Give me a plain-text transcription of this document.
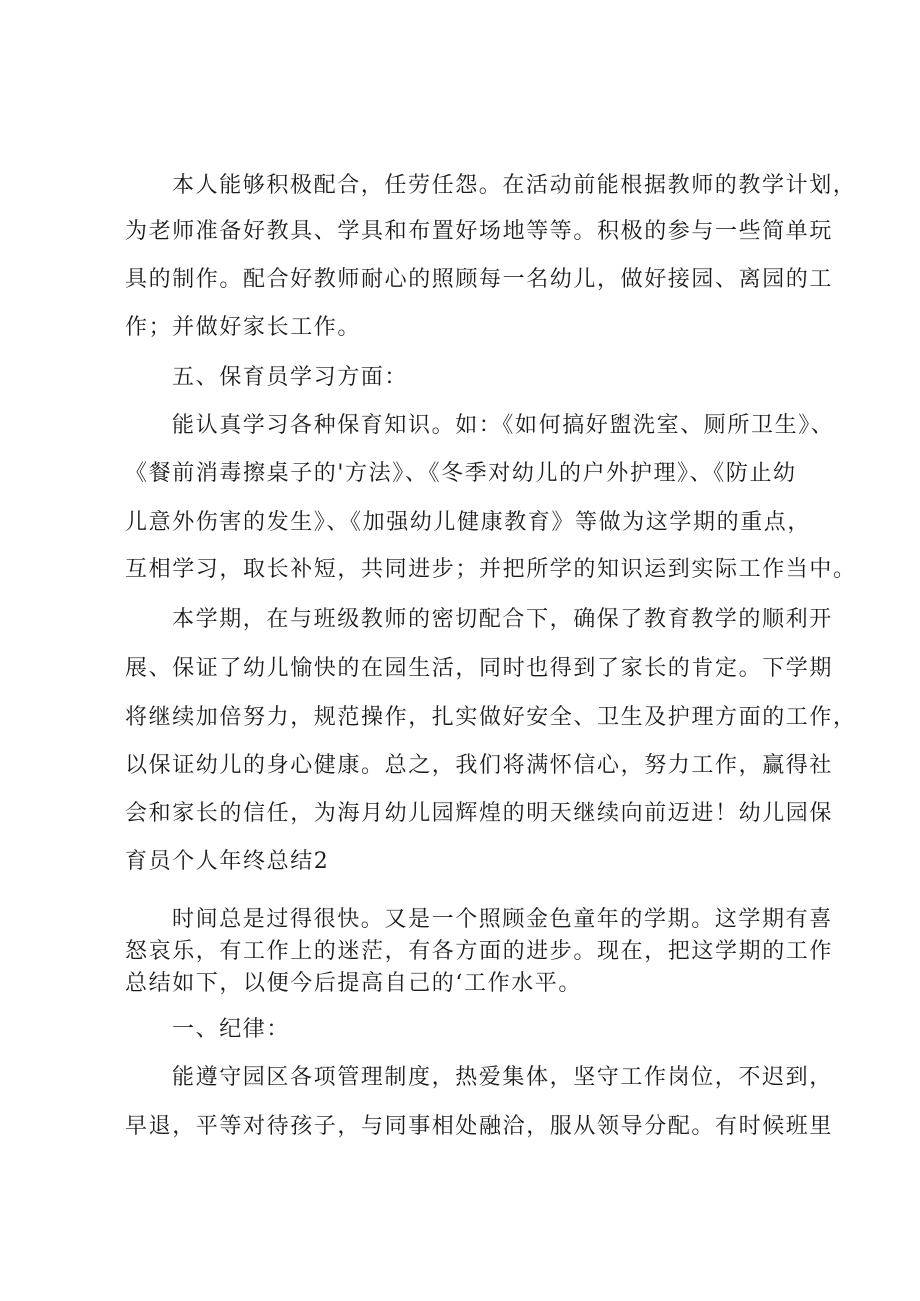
本人能够积极配合，任劳任怨。在活动前能根据教师的教学计划，
为老师准备好教具、学具和布置好场地等等。积极的参与一些简单玩
具的制作。配合好教师耐心的照顾每一名幼儿，做好接园、离园的工
作；并做好家长工作。
五、保育员学习方面：
能认真学习各种保育知识。如：《如何搞好盥洗室、厕所卫生》、
《餐前消毒擦桌子的'方法》、《冬季对幼儿的户外护理》、《防止幼
儿意外伤害的发生》、《加强幼儿健康教育》等做为这学期的重点，
互相学习，取长补短，共同进步；并把所学的知识运到实际工作当中。
本学期，在与班级教师的密切配合下，确保了教育教学的顺利开
展、保证了幼儿愉快的在园生活，同时也得到了家长的肯定。下学期
将继续加倍努力，规范操作，扎实做好安全、卫生及护理方面的工作，
以保证幼儿的身心健康。总之，我们将满怀信心，努力工作，赢得社
会和家长的信任，为海月幼儿园辉煌的明天继续向前迈进！幼儿园保
育员个人年终总结2
时间总是过得很快。又是一个照顾金色童年的学期。这学期有喜
怒哀乐，有工作上的迷茫，有各方面的进步。现在，把这学期的工作
总结如下，以便今后提高自己的‘工作水平。
一、纪律：
能遵守园区各项管理制度，热爱集体，坚守工作岗位，不迟到，
早退，平等对待孩子，与同事相处融洽，服从领导分配。有时候班里
